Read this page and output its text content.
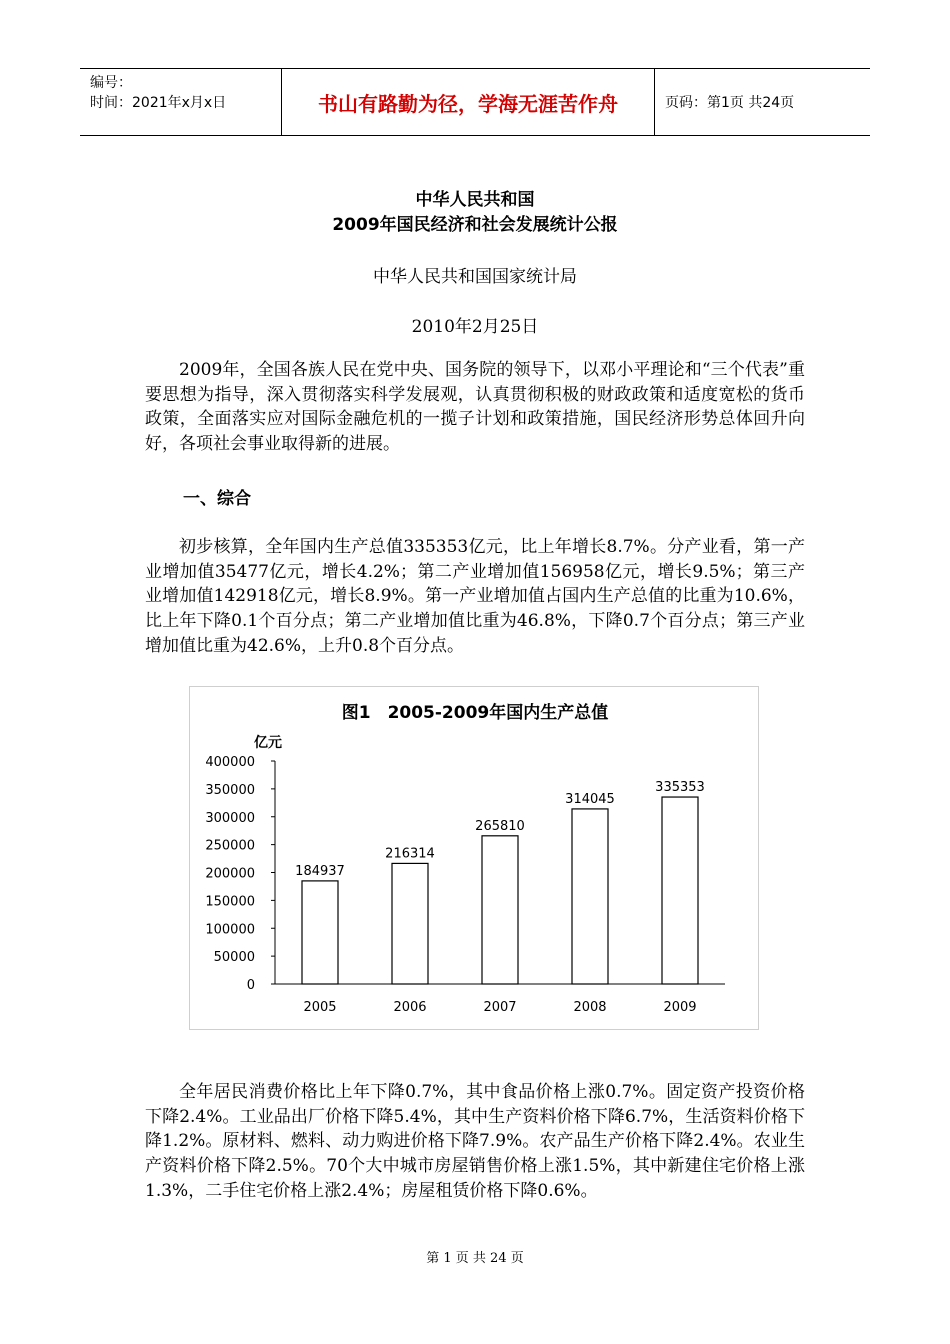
编号：
时间：2021年x月x日	书山有路勤为径，学海无涯苦作舟	页码：第1页 共24页
中华人民共和国
2009年国民经济和社会发展统计公报
中华人民共和国国家统计局
2010年2月25日
2009年，全国各族人民在党中央、国务院的领导下，以邓小平理论和“三个代表”重要思想为指导，深入贯彻落实科学发展观，认真贯彻积极的财政政策和适度宽松的货币政策，全面落实应对国际金融危机的一揽子计划和政策措施，国民经济形势总体回升向好，各项社会事业取得新的进展。
一、综合
初步核算，全年国内生产总值335353亿元，比上年增长8.7%。分产业看，第一产业增加值35477亿元，增长4.2%；第二产业增加值156958亿元，增长9.5%；第三产业增加值142918亿元，增长8.9%。第一产业增加值占国内生产总值的比重为10.6%，比上年下降0.1个百分点；第二产业增加值比重为46.8%，下降0.7个百分点；第三产业增加值比重为42.6%，上升0.8个百分点。
图1　2005-2009年国内生产总值
亿元
0
50000
100000
150000
200000
250000
300000
350000
400000
184937
216314
265810
314045
335353
2005	2006	2007	2008	2009
全年居民消费价格比上年下降0.7%，其中食品价格上涨0.7%。固定资产投资价格下降2.4%。工业品出厂价格下降5.4%，其中生产资料价格下降6.7%，生活资料价格下降1.2%。原材料、燃料、动力购进价格下降7.9%。农产品生产价格下降2.4%。农业生产资料价格下降2.5%。70个大中城市房屋销售价格上涨1.5%，其中新建住宅价格上涨1.3%，二手住宅价格上涨2.4%；房屋租赁价格下降0.6%。
第 1 页 共 24 页
